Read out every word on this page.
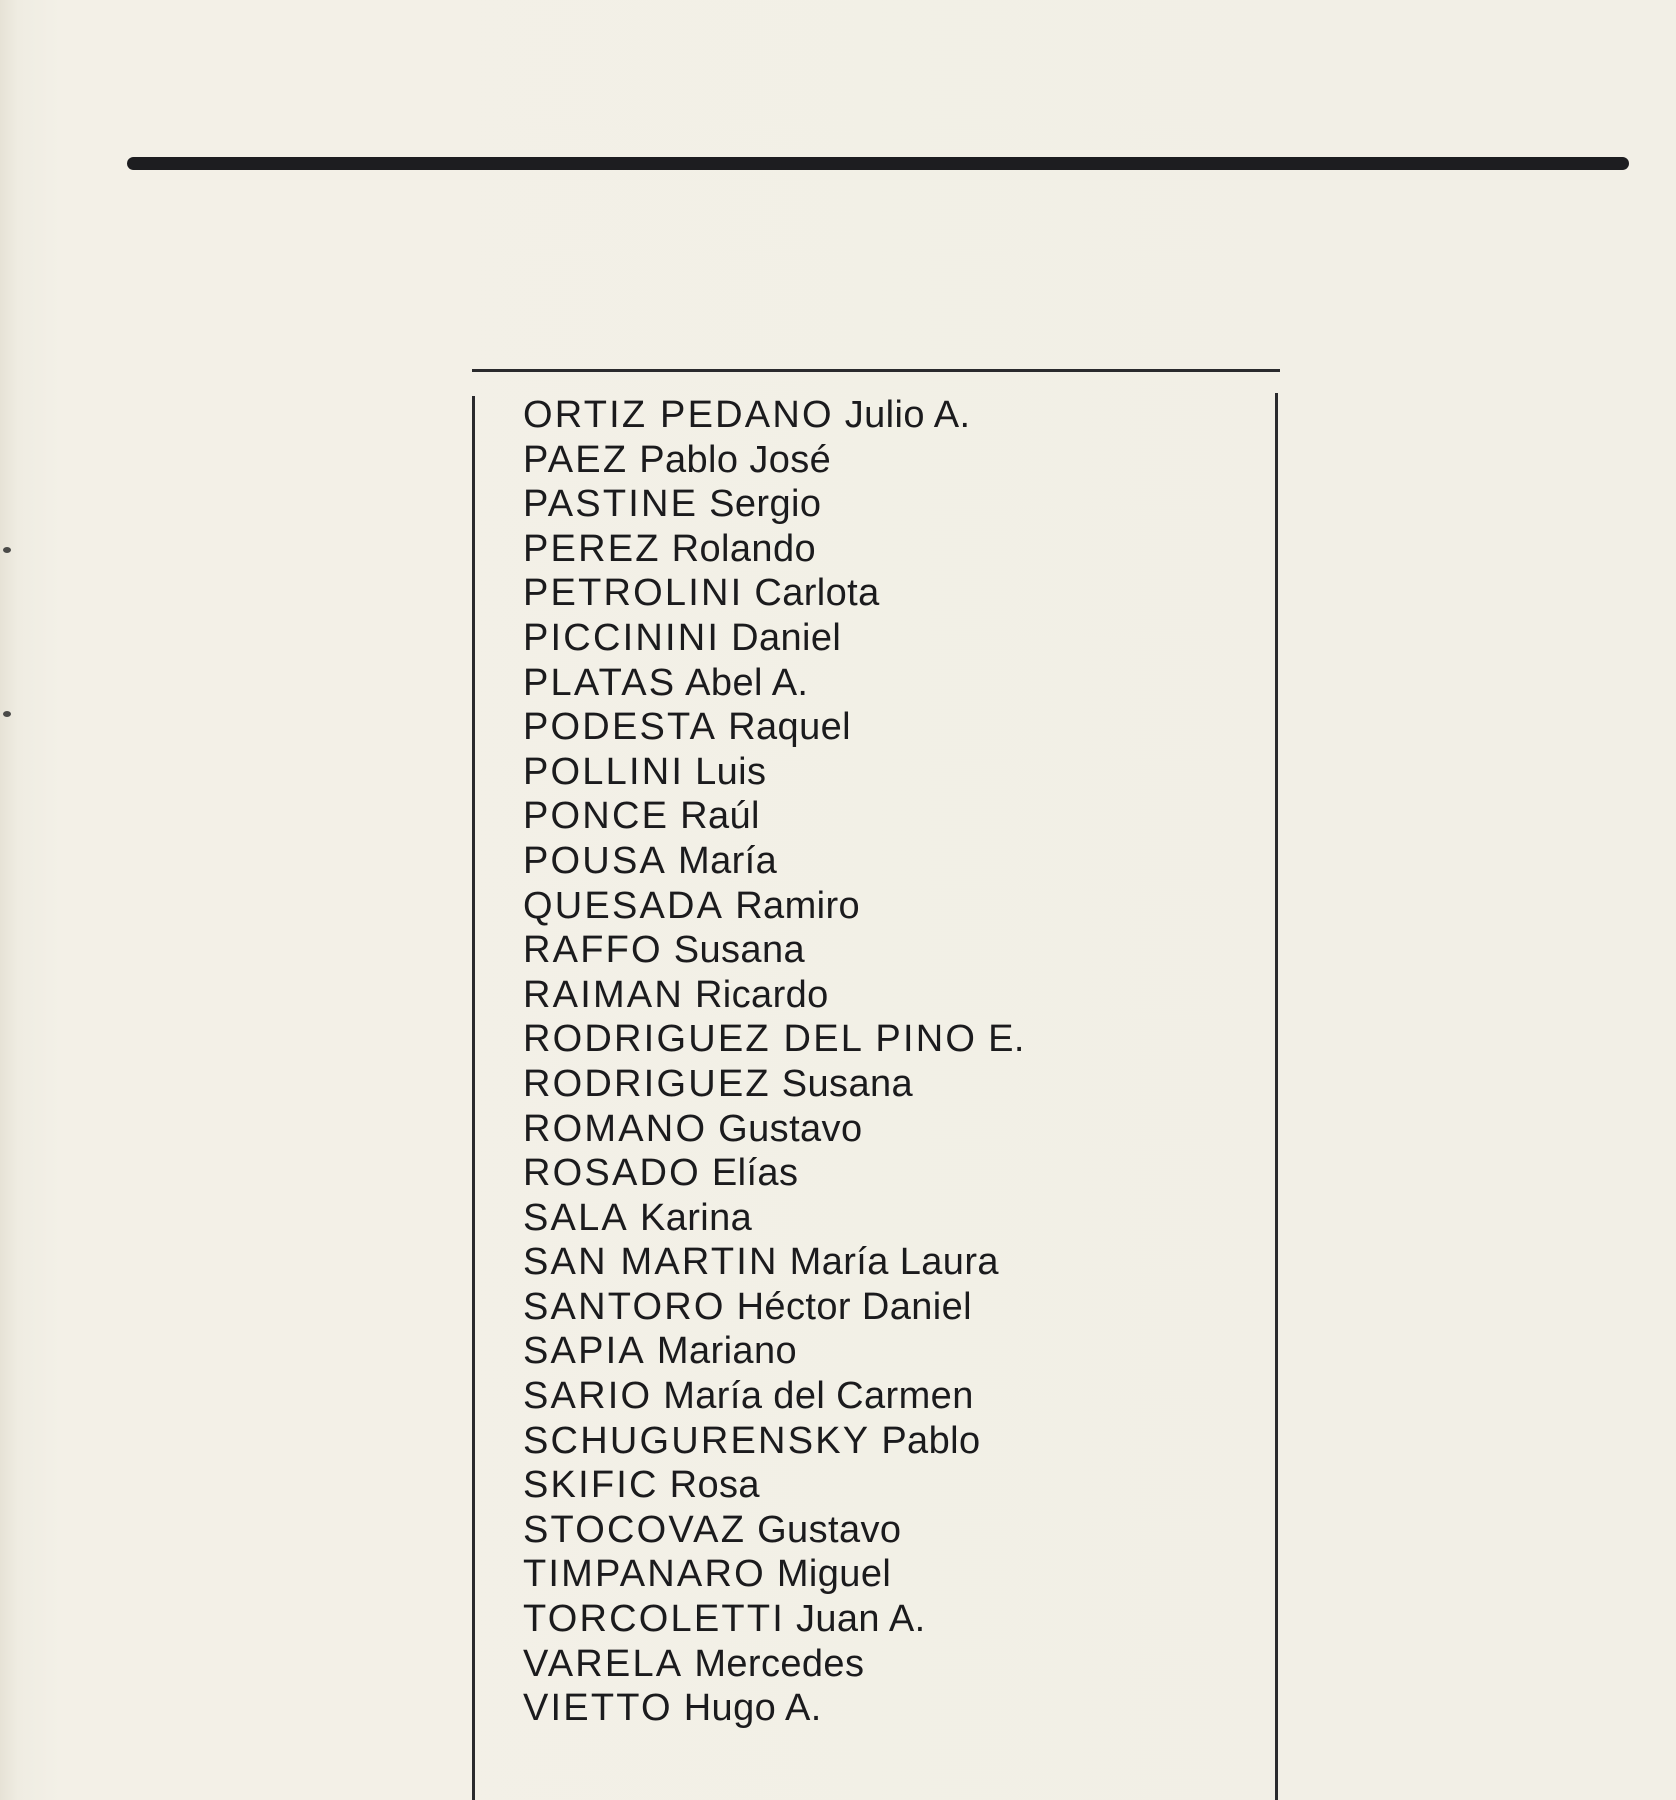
ORTIZ PEDANO Julio A.
PAEZ Pablo José
PASTINE Sergio
PEREZ Rolando
PETROLINI Carlota
PICCININI Daniel
PLATAS Abel A.
PODESTA Raquel
POLLINI Luis
PONCE Raúl
POUSA María
QUESADA Ramiro
RAFFO Susana
RAIMAN Ricardo
RODRIGUEZ DEL PINO E.
RODRIGUEZ Susana
ROMANO Gustavo
ROSADO Elías
SALA Karina
SAN MARTIN María Laura
SANTORO Héctor Daniel
SAPIA Mariano
SARIO María del Carmen
SCHUGURENSKY Pablo
SKIFIC Rosa
STOCOVAZ Gustavo
TIMPANARO Miguel
TORCOLETTI Juan A.
VARELA Mercedes
VIETTO Hugo A.
